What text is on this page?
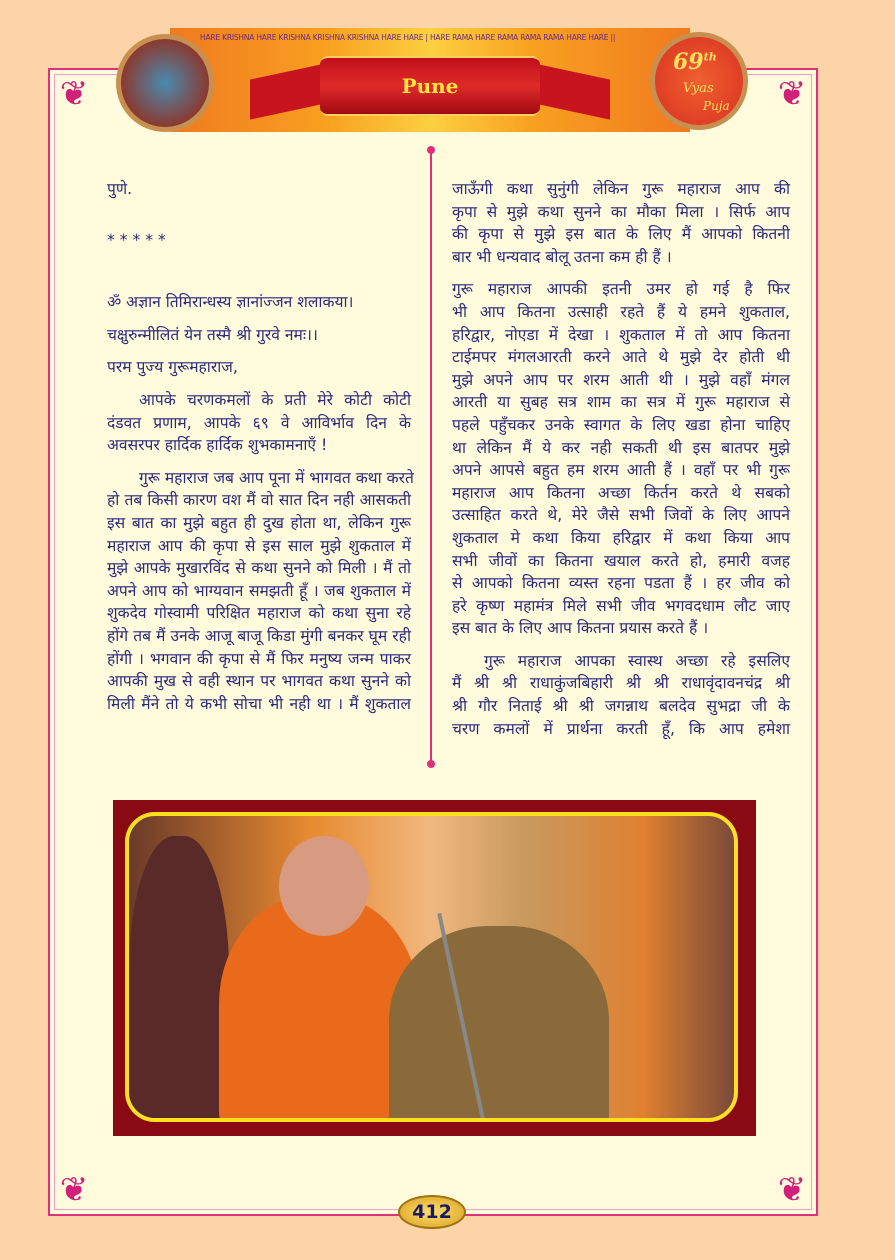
❦	❦
❦	❦
HARE KRISHNA HARE KRISHNA KRISHNA KRISHNA HARE HARE | HARE RAMA HARE RAMA RAMA RAMA HARE HARE ||
Pune
69th
Vyas
Puja
पुणे.
* * * * *
ॐ अज्ञान तिमिरान्धस्य ज्ञानांज्जन शलाकया।
चक्षुरुन्मीलितं येन तस्मै श्री गुरवे नमः।।
परम पुज्य गुरूमहाराज,
आपके चरणकमलों के प्रती मेरे कोटी कोटी
दंडवत प्रणाम, आपके ६९ वे आविर्भाव दिन के
अवसरपर हार्दिक हार्दिक शुभकामनाएँ !
गुरू महाराज जब आप पूना में भागवत कथा करते
हो तब किसी कारण वश मैं वो सात दिन नही आसकती
इस बात का मुझे बहुत ही दुख होता था, लेकिन गुरू
महाराज आप की कृपा से इस साल मुझे शुकताल में
मुझे आपके मुखारविंद से कथा सुनने को मिली । मैं तो
अपने आप को भाग्यवान समझती हूँ । जब शुकताल में
शुकदेव गोस्वामी परिक्षित महाराज को कथा सुना रहे
होंगे तब मैं उनके आजू बाजू किडा मुंगी बनकर घूम रही
होंगी । भगवान की कृपा से मैं फिर मनुष्य जन्म पाकर
आपकी मुख से वही स्थान पर भागवत कथा सुनने को
मिली मैंने तो ये कभी सोचा भी नही था । मैं शुकताल
जाऊँगी कथा सुनुंगी लेकिन गुरू महाराज आप की
कृपा से मुझे कथा सुनने का मौका मिला । सिर्फ आप
की कृपा से मुझे इस बात के लिए मैं आपको कितनी
बार भी धन्यवाद बोलू उतना कम ही हैं ।
गुरू महाराज आपकी इतनी उमर हो गई है फिर
भी आप कितना उत्साही रहते हैं ये हमने शुकताल,
हरिद्वार, नोएडा में देखा । शुकताल में तो आप कितना
टाईमपर मंगलआरती करने आते थे मुझे देर होती थी
मुझे अपने आप पर शरम आती थी । मुझे वहाँ मंगल
आरती या सुबह सत्र शाम का सत्र में गुरू महाराज से
पहले पहुँचकर उनके स्वागत के लिए खडा होना चाहिए
था लेकिन मैं ये कर नही सकती थी इस बातपर मुझे
अपने आपसे बहुत हम शरम आती हैं । वहाँ पर भी गुरू
महाराज आप कितना अच्छा किर्तन करते थे सबको
उत्साहित करते थे, मेरे जैसे सभी जिवों के लिए आपने
शुकताल मे कथा किया हरिद्वार में कथा किया आप
सभी जीवों का कितना खयाल करते हो, हमारी वजह
से आपको कितना व्यस्त रहना पडता हैं । हर जीव को
हरे कृष्ण महामंत्र मिले सभी जीव भगवदधाम लौट जाए
इस बात के लिए आप कितना प्रयास करते हैं ।
गुरू महाराज आपका स्वास्थ अच्छा रहे इसलिए
मैं श्री श्री राधाकुंजबिहारी श्री श्री राधावृंदावनचंद्र श्री
श्री गौर निताई श्री श्री जगन्नाथ बलदेव सुभद्रा जी के
चरण कमलों में प्रार्थना करती हूँ, कि आप हमेशा
412
